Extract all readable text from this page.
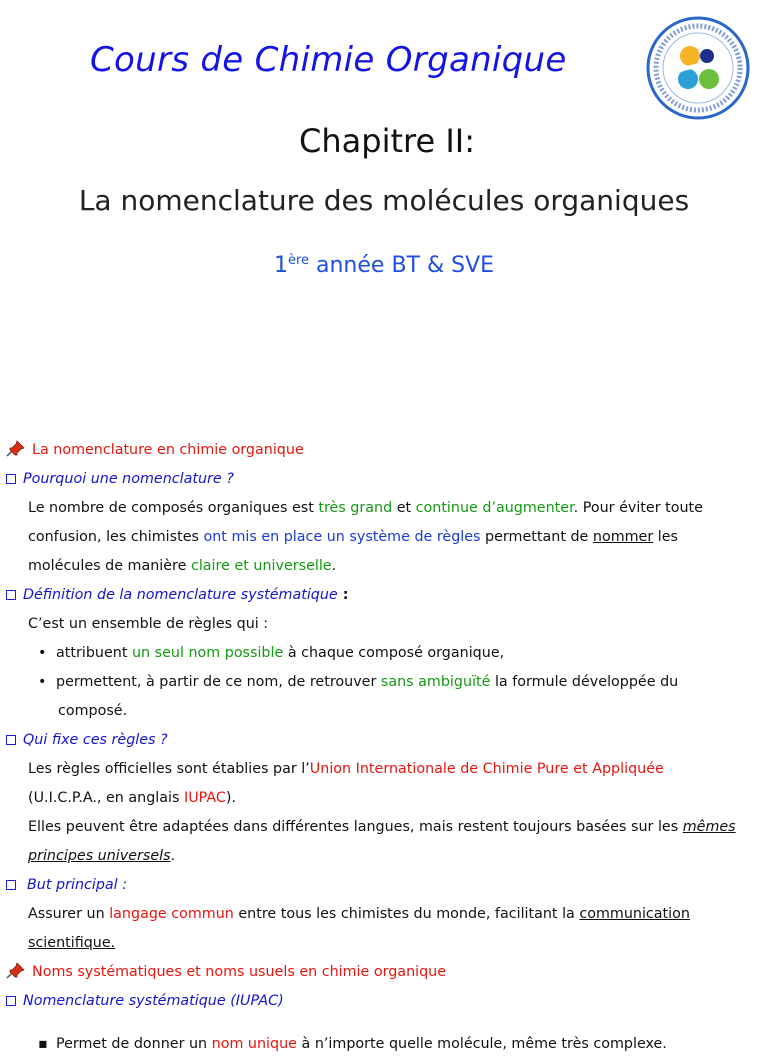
Cours de Chimie Organique
Chapitre II:
La nomenclature des molécules organiques
1ère année BT & SVE
La nomenclature en chimie organique
Pourquoi une nomenclature ?
Le nombre de composés organiques est très grand et continue d’augmenter. Pour éviter toute
confusion, les chimistes ont mis en place un système de règles permettant de nommer les
molécules de manière claire et universelle.
Définition de la nomenclature systématique :
C’est un ensemble de règles qui :
• attribuent un seul nom possible à chaque composé organique,
• permettent, à partir de ce nom, de retrouver sans ambiguïté la formule développée du
composé.
Qui fixe ces règles ?
Les règles officielles sont établies par l’Union Internationale de Chimie Pure et Appliquée
(U.I.C.P.A., en anglais IUPAC).
Elles peuvent être adaptées dans différentes langues, mais restent toujours basées sur les mêmes
principes universels.
But principal :
Assurer un langage commun entre tous les chimistes du monde, facilitant la communication
scientifique.
Noms systématiques et noms usuels en chimie organique
Nomenclature systématique (IUPAC)
▪ Permet de donner un nom unique à n’importe quelle molécule, même très complexe.
